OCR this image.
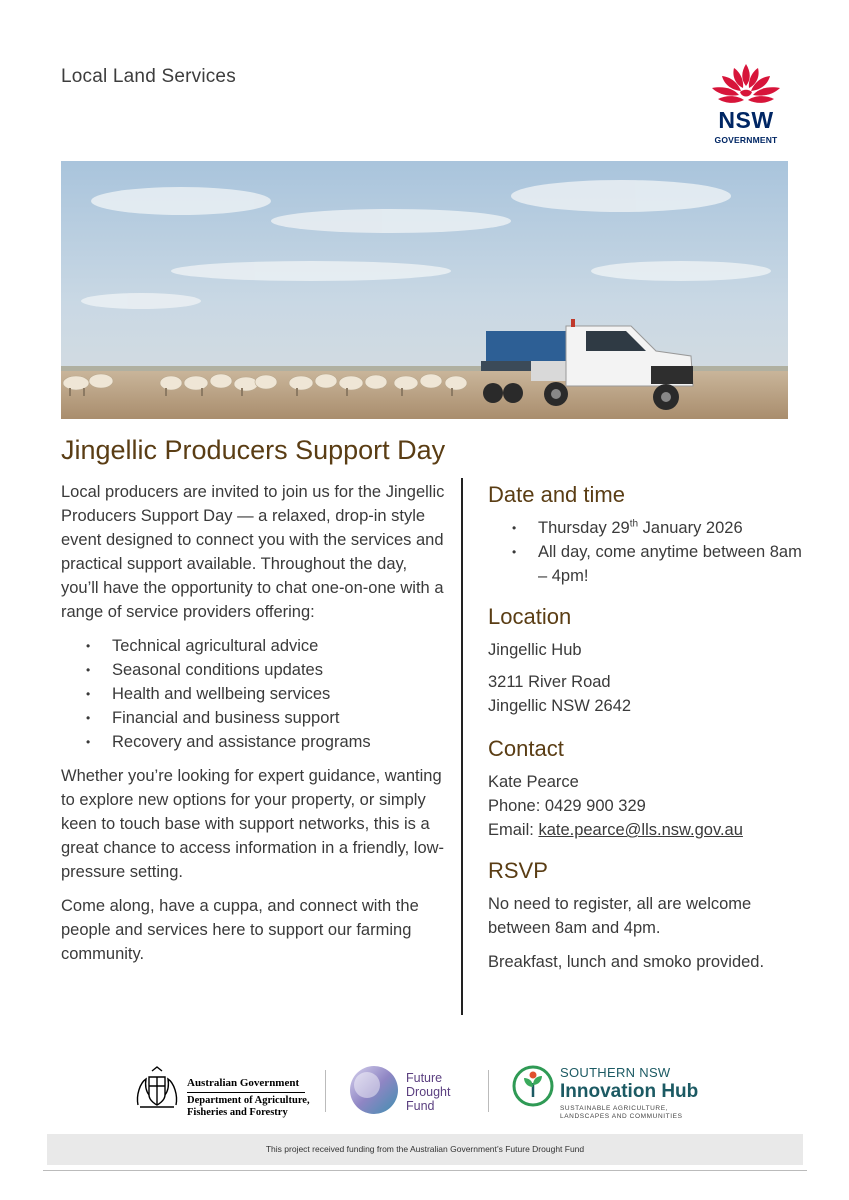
Local Land Services
NSW
GOVERNMENT
Jingellic Producers Support Day

Local producers are invited to join us for the Jingellic Producers Support Day — a relaxed, drop-in style event designed to connect you with the services and practical support available. Throughout the day, you’ll have the opportunity to chat one-on-one with a range of service providers offering:

• Technical agricultural advice
• Seasonal conditions updates
• Health and wellbeing services
• Financial and business support
• Recovery and assistance programs

Whether you’re looking for expert guidance, wanting to explore new options for your property, or simply keen to touch base with support networks, this is a great chance to access information in a friendly, low-pressure setting.

Come along, have a cuppa, and connect with the people and services here to support our farming community.

Date and time
• Thursday 29th January 2026
• All day, come anytime between 8am – 4pm!
Location

Jingellic Hub

3211 River Road

Jingellic NSW 2642

Contact

Kate Pearce

Phone: 0429 900 329

Email: kate.pearce@lls.nsw.gov.au

RSVP

No need to register, all are welcome between 8am and 4pm.

Breakfast, lunch and smoko provided.

Australian Government
Department of Agriculture, Fisheries and Forestry
Future
Drought
Fund
SOUTHERN NSW
Innovation Hub
SUSTAINABLE AGRICULTURE,
LANDSCAPES AND COMMUNITIES
This project received funding from the Australian Government’s Future Drought Fund
